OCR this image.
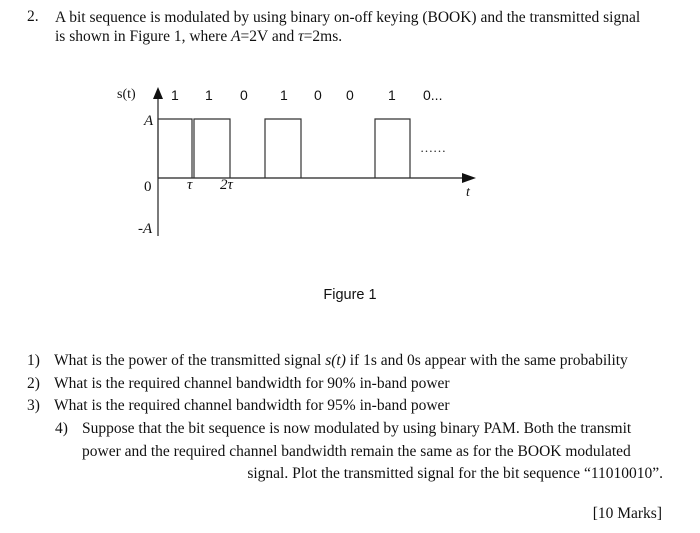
2. A bit sequence is modulated by using binary on-off keying (BOOK) and the transmitted signal
is shown in Figure 1, where A=2V and τ=2ms.
……
s(t)
A
0
-A
τ 2τ	t
1 1 0 1 0 0 1 0...
Figure 1
1) What is the power of the transmitted signal s(t) if 1s and 0s appear with the same probability
2) What is the required channel bandwidth for 90% in-band power
3) What is the required channel bandwidth for 95% in-band power
4) Suppose that the bit sequence is now modulated by using binary PAM. Both the transmit
power and the required channel bandwidth remain the same as for the BOOK modulated
signal. Plot the transmitted signal for the bit sequence “11010010”.
[10 Marks]
